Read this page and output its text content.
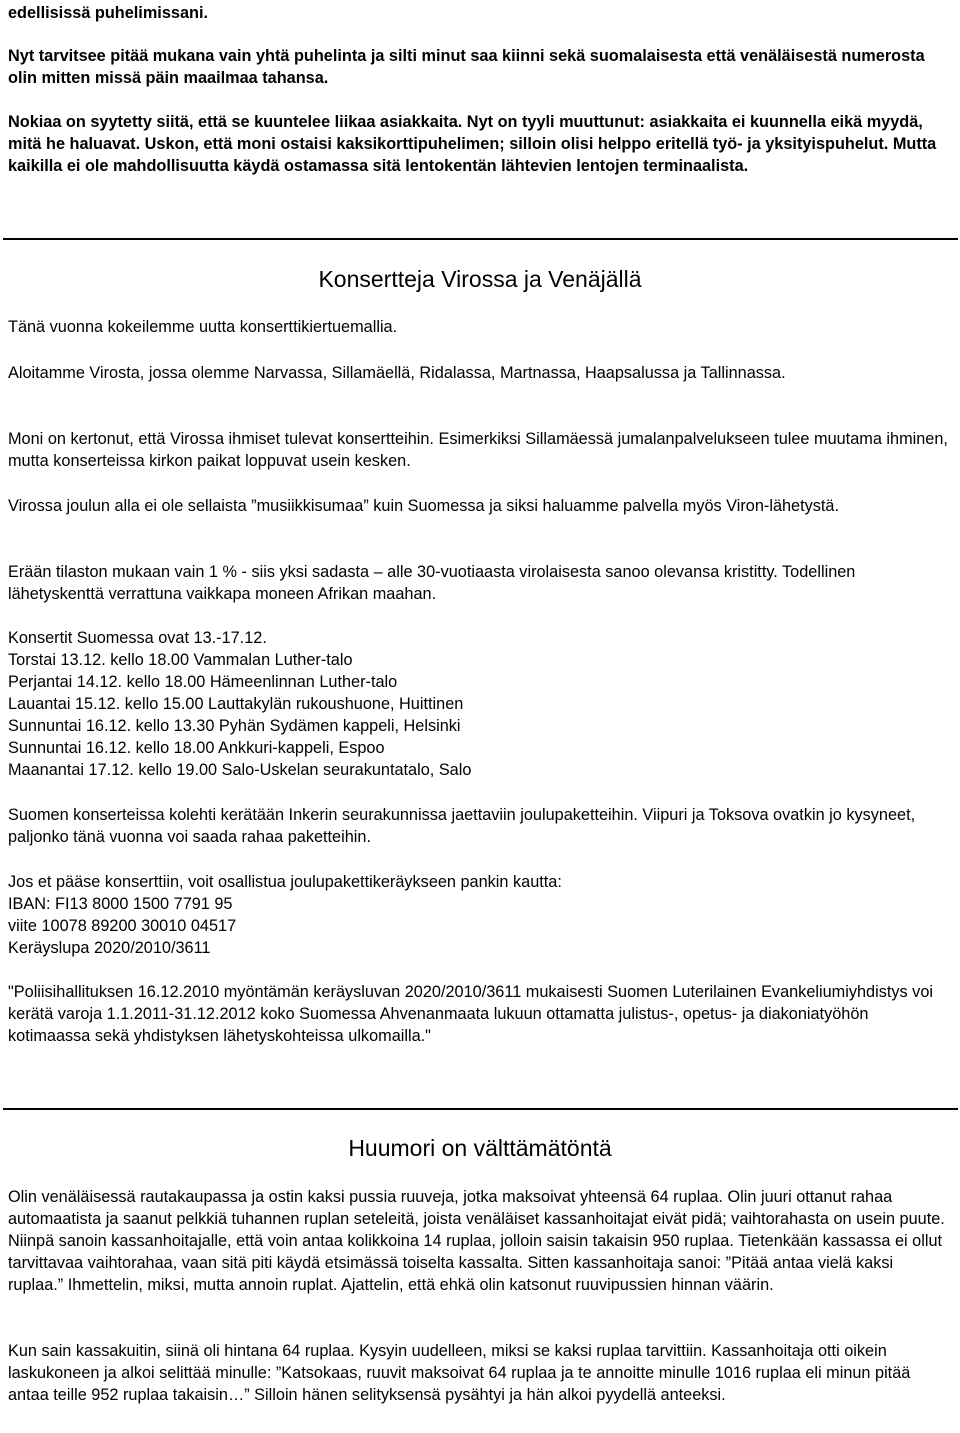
edellisissä puhelimissani.

Nyt tarvitsee pitää mukana vain yhtä puhelinta ja silti minut saa kiinni sekä suomalaisesta että venäläisestä numerosta olin mitten missä päin maailmaa tahansa.

Nokiaa on syytetty siitä, että se kuuntelee liikaa asiakkaita. Nyt on tyyli muuttunut: asiakkaita ei kuunnella eikä myydä, mitä he haluavat. Uskon, että moni ostaisi kaksikorttipuhelimen; silloin olisi helppo eritellä työ- ja yksityispuhelut. Mutta kaikilla ei ole mahdollisuutta käydä ostamassa sitä lentokentän lähtevien lentojen terminaalista.

Konsertteja Virossa ja Venäjällä

Tänä vuonna kokeilemme uutta konserttikiertuemallia.

Aloitamme Virosta, jossa olemme Narvassa, Sillamäellä, Ridalassa, Martnassa, Haapsalussa ja Tallinnassa.

Moni on kertonut, että Virossa ihmiset tulevat konsertteihin. Esimerkiksi Sillamäessä jumalanpalvelukseen tulee muutama ihminen, mutta konserteissa kirkon paikat loppuvat usein kesken.

Virossa joulun alla ei ole sellaista ”musiikkisumaa” kuin Suomessa ja siksi haluamme palvella myös Viron-lähetystä.

Erään tilaston mukaan vain 1 % - siis yksi sadasta – alle 30-vuotiaasta virolaisesta sanoo olevansa kristitty. Todellinen lähetyskenttä verrattuna vaikkapa moneen Afrikan maahan.

Konsertit Suomessa ovat 13.-17.12.
Torstai 13.12. kello 18.00 Vammalan Luther-talo
Perjantai 14.12. kello 18.00 Hämeenlinnan Luther-talo
Lauantai 15.12. kello 15.00 Lauttakylän rukoushuone, Huittinen
Sunnuntai 16.12. kello 13.30 Pyhän Sydämen kappeli, Helsinki
Sunnuntai 16.12. kello 18.00 Ankkuri-kappeli, Espoo
Maanantai 17.12. kello 19.00 Salo-Uskelan seurakuntatalo, Salo

Suomen konserteissa kolehti kerätään Inkerin seurakunnissa jaettaviin joulupaketteihin. Viipuri ja Toksova ovatkin jo kysyneet, paljonko tänä vuonna voi saada rahaa paketteihin.

Jos et pääse konserttiin, voit osallistua joulupakettikeräykseen pankin kautta:
IBAN: FI13 8000 1500 7791 95
viite 10078 89200 30010 04517
Keräyslupa 2020/2010/3611

"Poliisihallituksen 16.12.2010 myöntämän keräysluvan 2020/2010/3611 mukaisesti Suomen Luterilainen Evankeliumiyhdistys voi kerätä varoja 1.1.2011-31.12.2012 koko Suomessa Ahvenanmaata lukuun ottamatta julistus-, opetus- ja diakoniatyöhön kotimaassa sekä yhdistyksen lähetyskohteissa ulkomailla."

Huumori on välttämätöntä

Olin venäläisessä rautakaupassa ja ostin kaksi pussia ruuveja, jotka maksoivat yhteensä 64 ruplaa. Olin juuri ottanut rahaa automaatista ja saanut pelkkiä tuhannen ruplan seteleitä, joista venäläiset kassanhoitajat eivät pidä; vaihtorahasta on usein puute. Niinpä sanoin kassanhoitajalle, että voin antaa kolikkoina 14 ruplaa, jolloin saisin takaisin 950 ruplaa. Tietenkään kassassa ei ollut tarvittavaa vaihtorahaa, vaan sitä piti käydä etsimässä toiselta kassalta. Sitten kassanhoitaja sanoi: ”Pitää antaa vielä kaksi ruplaa.” Ihmettelin, miksi, mutta annoin ruplat. Ajattelin, että ehkä olin katsonut ruuvipussien hinnan väärin.

Kun sain kassakuitin, siinä oli hintana 64 ruplaa. Kysyin uudelleen, miksi se kaksi ruplaa tarvittiin. Kassanhoitaja otti oikein laskukoneen ja alkoi selittää minulle: ”Katsokaas, ruuvit maksoivat 64 ruplaa ja te annoitte minulle 1016 ruplaa eli minun pitää antaa teille 952 ruplaa takaisin…” Silloin hänen selityksensä pysähtyi ja hän alkoi pyydellä anteeksi.
